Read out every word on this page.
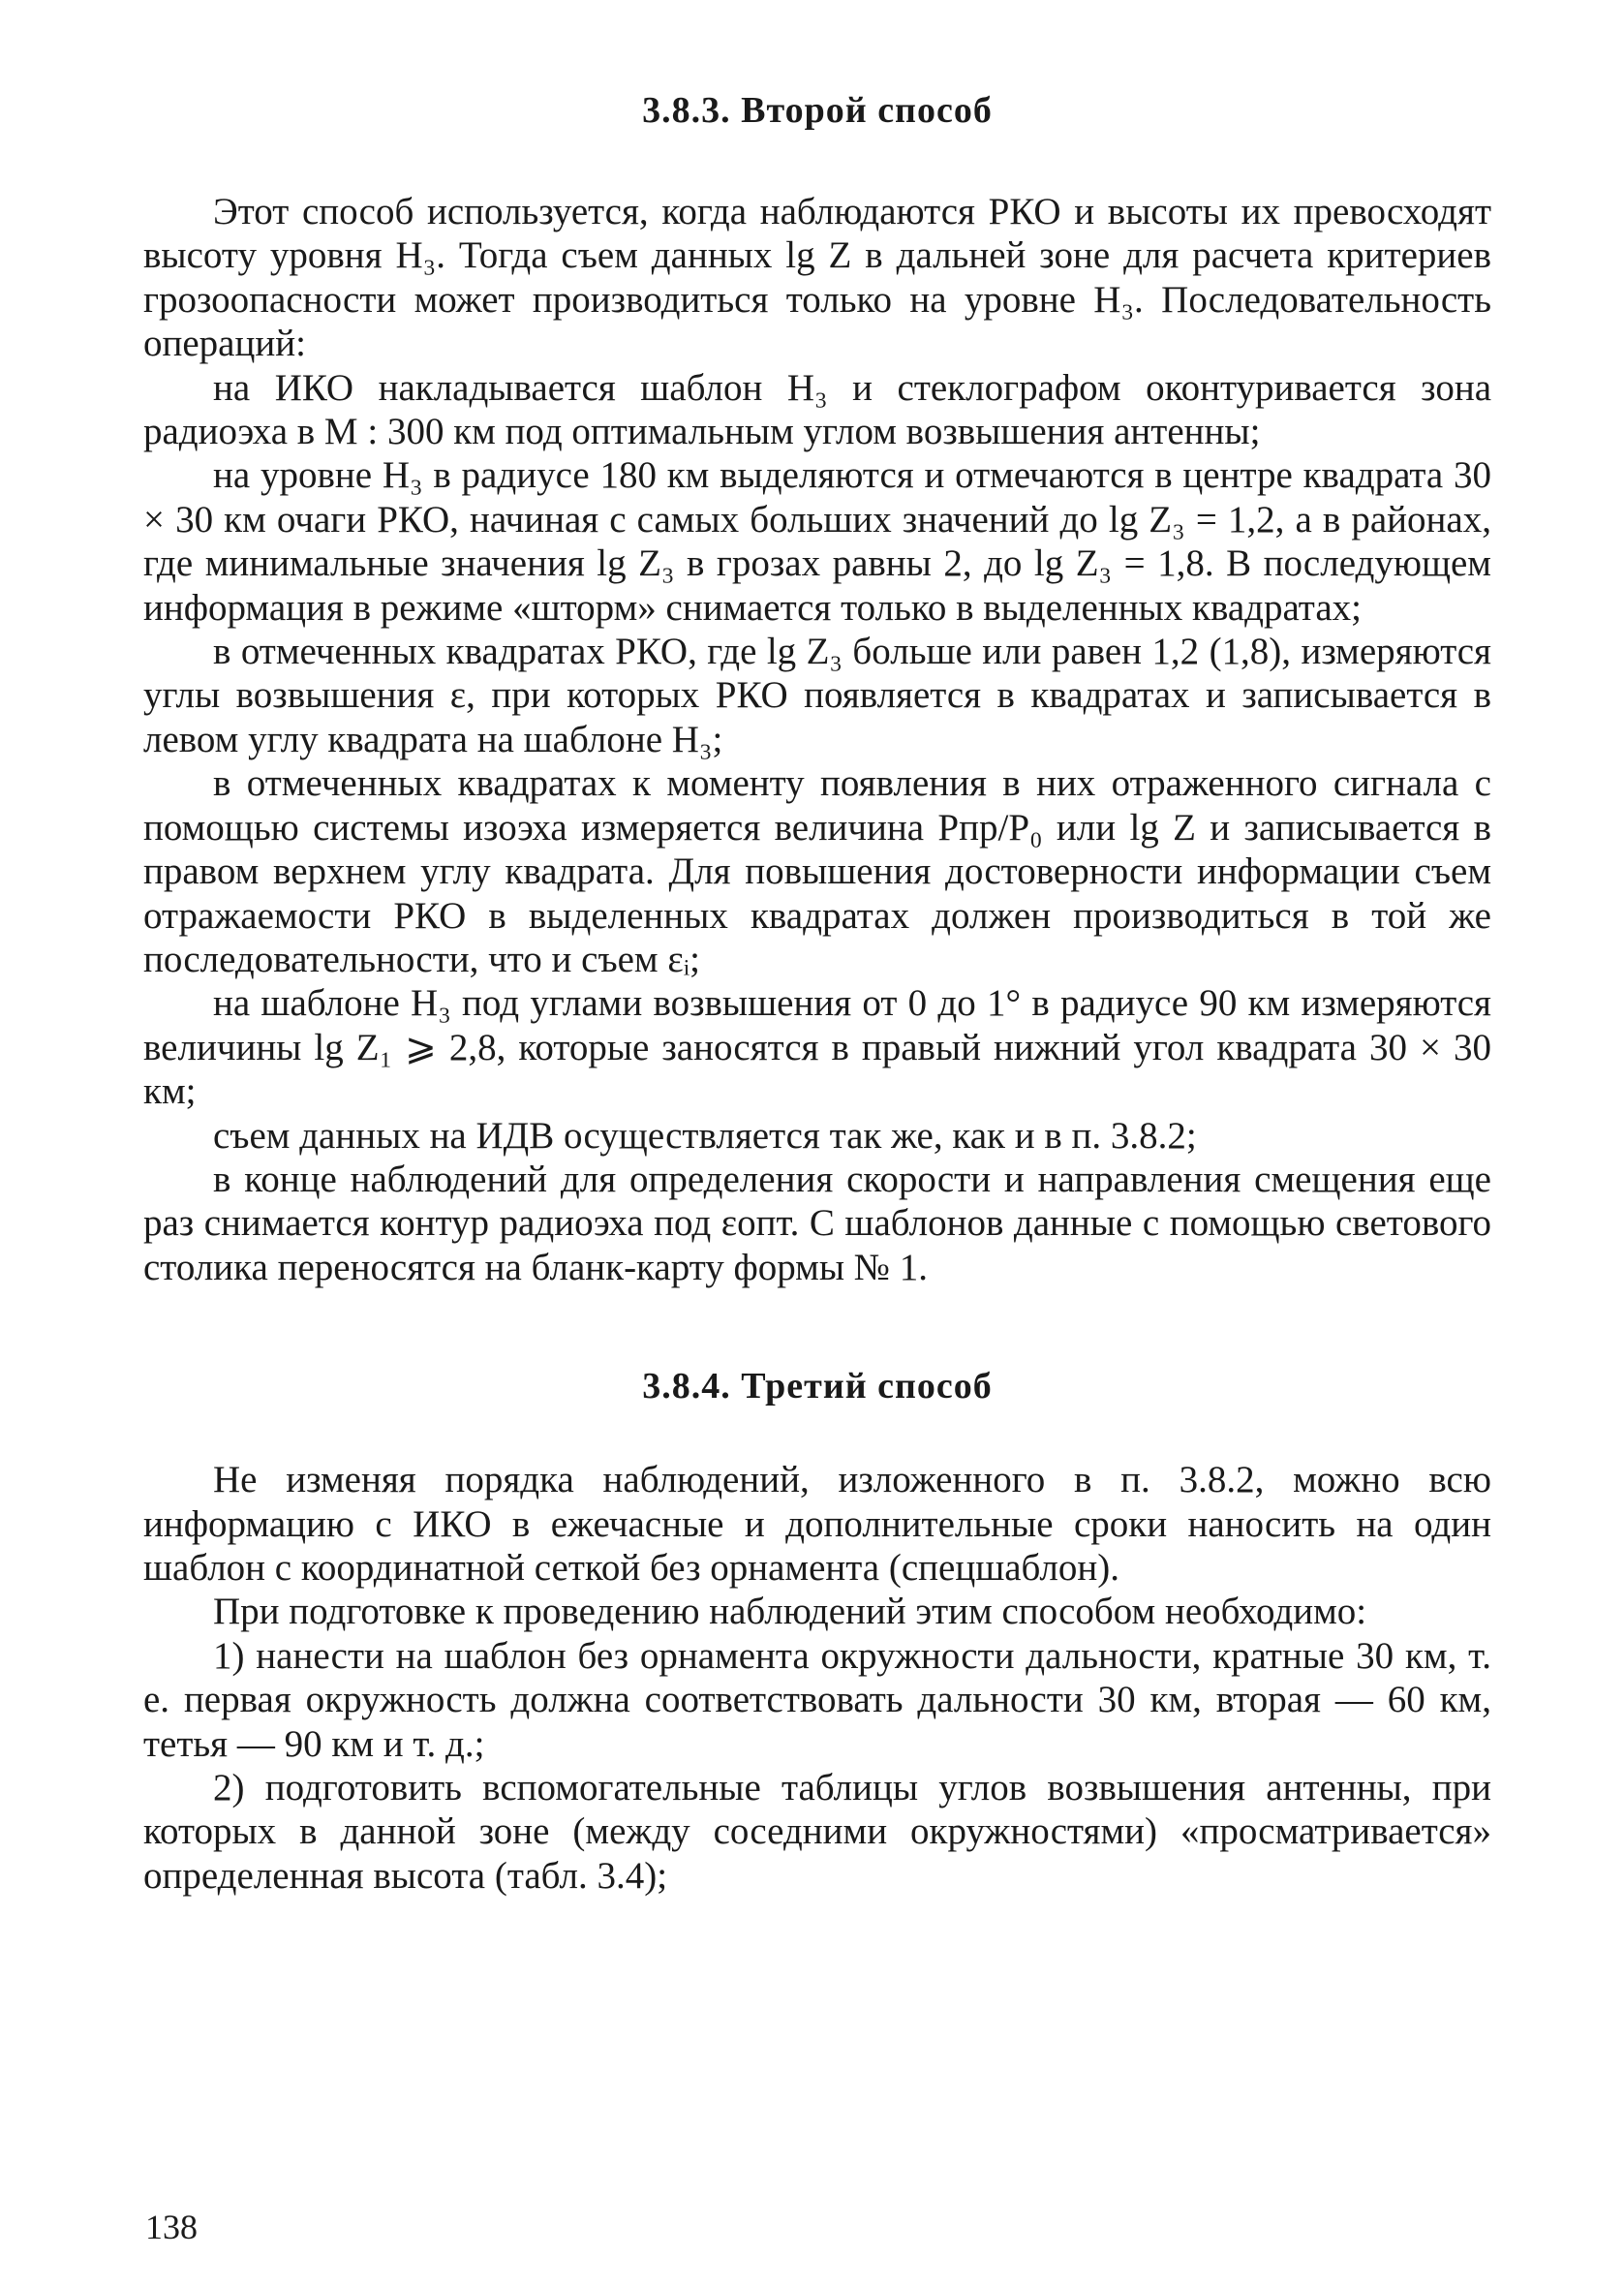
3.8.3. Второй способ

Этот способ используется, когда наблюдаются РКО и высоты их превосходят высоту уровня H₃. Тогда съем данных lg Z в дальней зоне для расчета критериев грозоопасности может производиться только на уровне H₃. Последовательность операций:

на ИКО накладывается шаблон H₃ и стеклографом оконтуривается зона радиоэха в М : 300 км под оптимальным углом возвышения антенны;

на уровне H₃ в радиусе 180 км выделяются и отмечаются в центре квадрата 30 × 30 км очаги РКО, начиная с самых больших значений до lg Z₃ = 1,2, а в районах, где минимальные значения lg Z₃ в грозах равны 2, до lg Z₃ = 1,8. В последующем информация в режиме «шторм» снимается только в выделенных квадратах;

в отмеченных квадратах РКО, где lg Z₃ больше или равен 1,2 (1,8), измеряются углы возвышения ε, при которых РКО появляется в квадратах и записывается в левом углу квадрата на шаблоне H₃;

в отмеченных квадратах к моменту появления в них отраженного сигнала с помощью системы изоэха измеряется величина Pпр/P₀ или lg Z и записывается в правом верхнем углу квадрата. Для повышения достоверности информации съем отражаемости РКО в выделенных квадратах должен производиться в той же последовательности, что и съем εᵢ;

на шаблоне H₃ под углами возвышения от 0 до 1° в радиусе 90 км измеряются величины lg Z₁ ⩾ 2,8, которые заносятся в правый нижний угол квадрата 30 × 30 км;

съем данных на ИДВ осуществляется так же, как и в п. 3.8.2;

в конце наблюдений для определения скорости и направления смещения еще раз снимается контур радиоэха под εопт. С шаблонов данные с помощью светового столика переносятся на бланк-карту формы № 1.

3.8.4. Третий способ

Не изменяя порядка наблюдений, изложенного в п. 3.8.2, можно всю информацию с ИКО в ежечасные и дополнительные сроки наносить на один шаблон с координатной сеткой без орнамента (спецшаблон).

При подготовке к проведению наблюдений этим способом необходимо:

1) нанести на шаблон без орнамента окружности дальности, кратные 30 км, т. е. первая окружность должна соответствовать дальности 30 км, вторая — 60 км, тетья — 90 км и т. д.;

2) подготовить вспомогательные таблицы углов возвышения антенны, при которых в данной зоне (между соседними окружностями) «просматривается» определенная высота (табл. 3.4);

138
